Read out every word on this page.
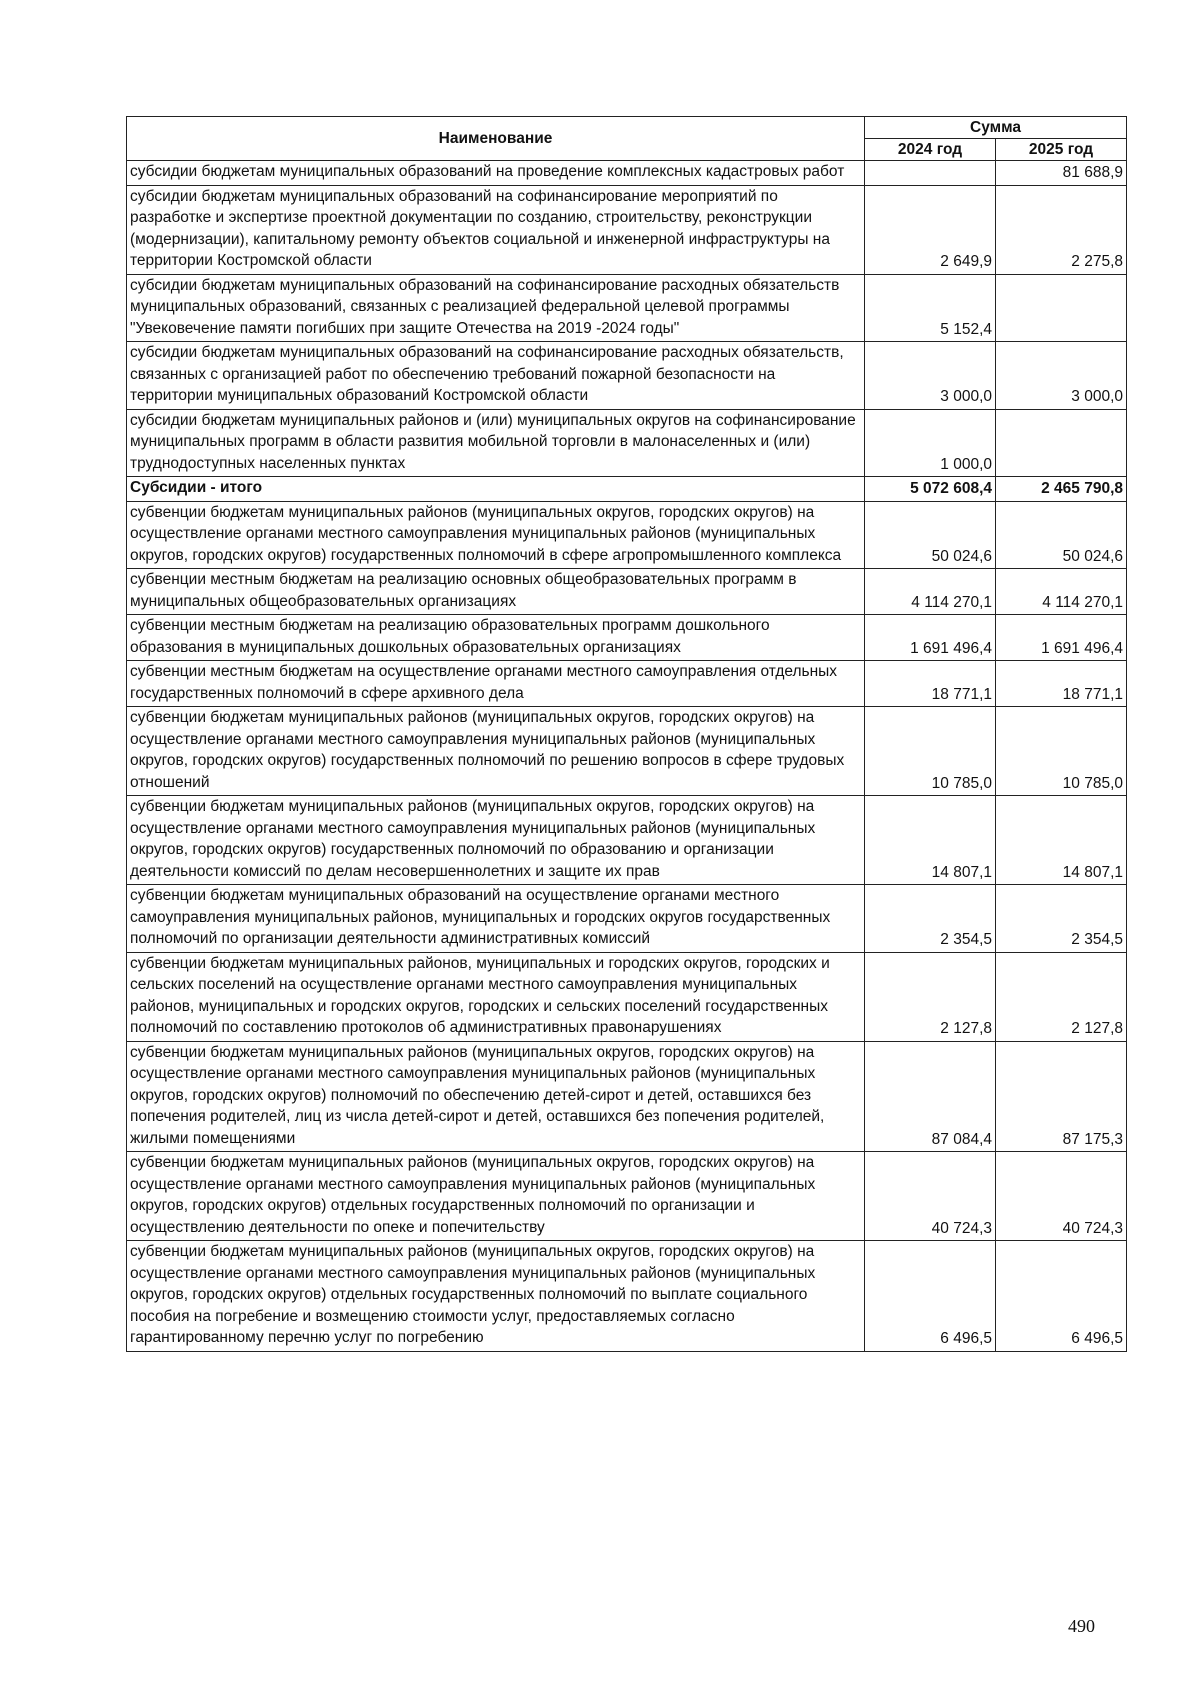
Наименование	Сумма	
	2024 год	2025 год
субсидии бюджетам муниципальных образований на проведение комплексных кадастровых работ		81 688,9
субсидии бюджетам муниципальных образований на софинансирование мероприятий по разработке и экспертизе проектной документации по созданию, строительству, реконструкции (модернизации), капитальному ремонту объектов социальной и инженерной инфраструктуры на территории Костромской области	2 649,9	2 275,8
субсидии бюджетам муниципальных образований на софинансирование расходных обязательств муниципальных образований, связанных с реализацией федеральной целевой программы "Увековечение памяти погибших при защите Отечества на 2019 -2024 годы"	5 152,4	
субсидии бюджетам муниципальных образований на софинансирование расходных обязательств, связанных с организацией работ по обеспечению требований пожарной безопасности на территории муниципальных образований Костромской области	3 000,0	3 000,0
субсидии бюджетам муниципальных районов и (или) муниципальных округов на софинансирование муниципальных программ в области развития мобильной торговли в малонаселенных и (или) труднодоступных населенных пунктах	1 000,0	
Субсидии - итого	5 072 608,4	2 465 790,8
субвенции бюджетам муниципальных районов (муниципальных округов, городских округов) на осуществление органами местного самоуправления муниципальных районов (муниципальных округов, городских округов) государственных полномочий в сфере агропромышленного комплекса	50 024,6	50 024,6
субвенции местным бюджетам на реализацию основных общеобразовательных программ в муниципальных общеобразовательных организациях	4 114 270,1	4 114 270,1
субвенции местным бюджетам на реализацию образовательных программ дошкольного образования в муниципальных дошкольных образовательных организациях	1 691 496,4	1 691 496,4
субвенции местным бюджетам на осуществление органами местного самоуправления отдельных государственных полномочий в сфере архивного дела	18 771,1	18 771,1
субвенции бюджетам муниципальных районов (муниципальных округов, городских округов) на осуществление органами местного самоуправления муниципальных районов (муниципальных округов, городских округов) государственных полномочий по решению вопросов в сфере трудовых отношений	10 785,0	10 785,0
субвенции бюджетам муниципальных районов (муниципальных округов, городских округов) на осуществление органами местного самоуправления муниципальных районов (муниципальных округов, городских округов) государственных полномочий по образованию и организации деятельности комиссий по делам несовершеннолетних и защите их прав	14 807,1	14 807,1
субвенции бюджетам муниципальных образований на осуществление органами местного самоуправления муниципальных районов, муниципальных и городских округов государственных полномочий по организации деятельности административных комиссий	2 354,5	2 354,5
субвенции бюджетам муниципальных районов, муниципальных и городских округов, городских и сельских поселений на осуществление органами местного самоуправления муниципальных районов, муниципальных и городских округов, городских и сельских поселений государственных полномочий по составлению протоколов об административных правонарушениях	2 127,8	2 127,8
субвенции бюджетам муниципальных районов (муниципальных округов, городских округов) на осуществление органами местного самоуправления муниципальных районов (муниципальных округов, городских округов) полномочий по обеспечению детей-сирот и детей, оставшихся без попечения родителей, лиц из числа детей-сирот и детей, оставшихся без попечения родителей, жилыми помещениями	87 084,4	87 175,3
субвенции бюджетам муниципальных районов (муниципальных округов, городских округов) на осуществление органами местного самоуправления муниципальных районов (муниципальных округов, городских округов) отдельных государственных полномочий по организации и осуществлению деятельности по опеке и попечительству	40 724,3	40 724,3
субвенции бюджетам муниципальных районов (муниципальных округов, городских округов) на осуществление органами местного самоуправления муниципальных районов (муниципальных округов, городских округов) отдельных государственных полномочий по выплате социального пособия на погребение и возмещению стоимости услуг, предоставляемых согласно гарантированному перечню услуг по погребению	6 496,5	6 496,5
490
